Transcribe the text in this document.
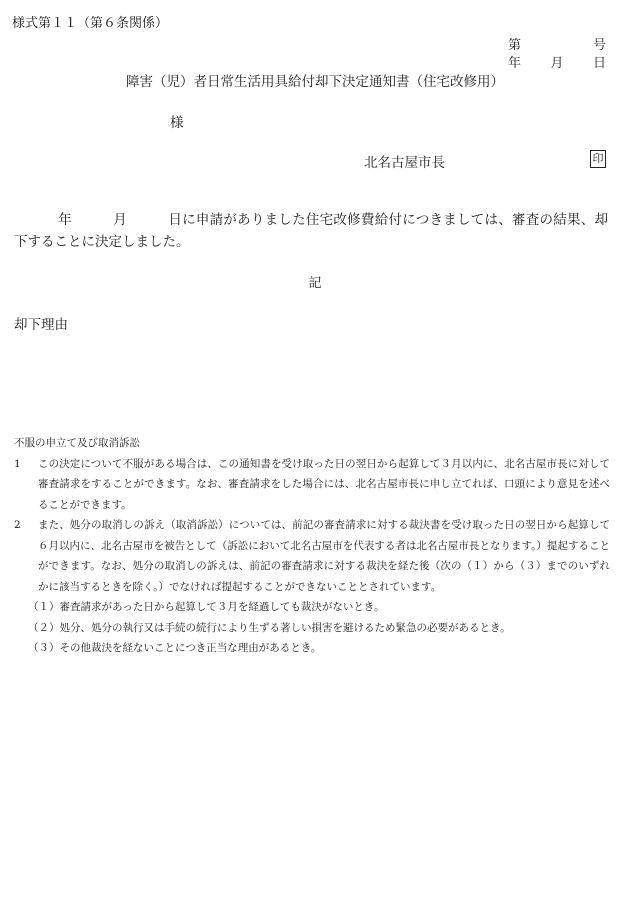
様式第１１（第６条関係）
第	号
年 月 日
障害（児）者日常生活用具給付却下決定通知書（住宅改修用）
様
北名古屋市長	印
年　　　	月　　　	日に申請がありました住宅改修費給付につきましては、審査の結果、却下することに決定しました。
記
却下理由
不服の申立て及び取消訴訟
1	この決定について不服がある場合は、この通知書を受け取った日の翌日から起算して３月以内に、北名古屋市長に対して審査請求をすることができます。なお、審査請求をした場合には、北名古屋市長に申し立てれば、口頭により意見を述べることができます。
2	また、処分の取消しの訴え（取消訴訟）については、前記の審査請求に対する裁決書を受け取った日の翌日から起算して６月以内に、北名古屋市を被告として（訴訟において北名古屋市を代表する者は北名古屋市長となります。）提起することができます。なお、処分の取消しの訴えは、前記の審査請求に対する裁決を経た後（次の（１）から（３）までのいずれかに該当するときを除く。）でなければ提起することができないこととされています。
（１）審査請求があった日から起算して３月を経過しても裁決がないとき。
（２）処分、処分の執行又は手続の続行により生ずる著しい損害を避けるため緊急の必要があるとき。
（３）その他裁決を経ないことにつき正当な理由があるとき。
